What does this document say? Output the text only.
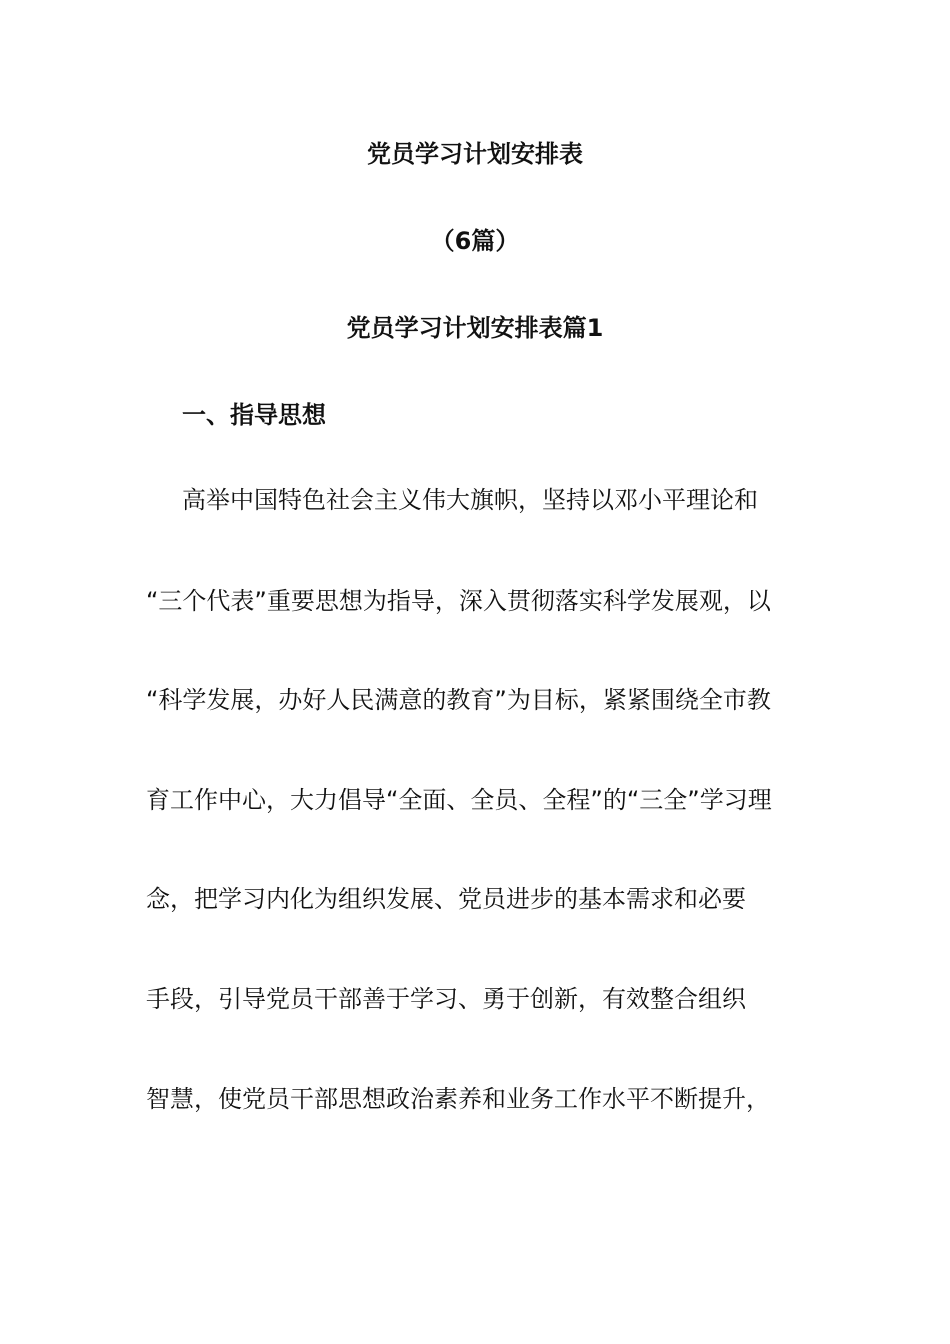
党员学习计划安排表
（6篇）
党员学习计划安排表篇1
一、指导思想
高举中国特色社会主义伟大旗帜，坚持以邓小平理论和
“三个代表”重要思想为指导，深入贯彻落实科学发展观，以
“科学发展，办好人民满意的教育”为目标，紧紧围绕全市教
育工作中心，大力倡导“全面、全员、全程”的“三全”学习理
念，把学习内化为组织发展、党员进步的基本需求和必要
手段，引导党员干部善于学习、勇于创新，有效整合组织
智慧，使党员干部思想政治素养和业务工作水平不断提升，
